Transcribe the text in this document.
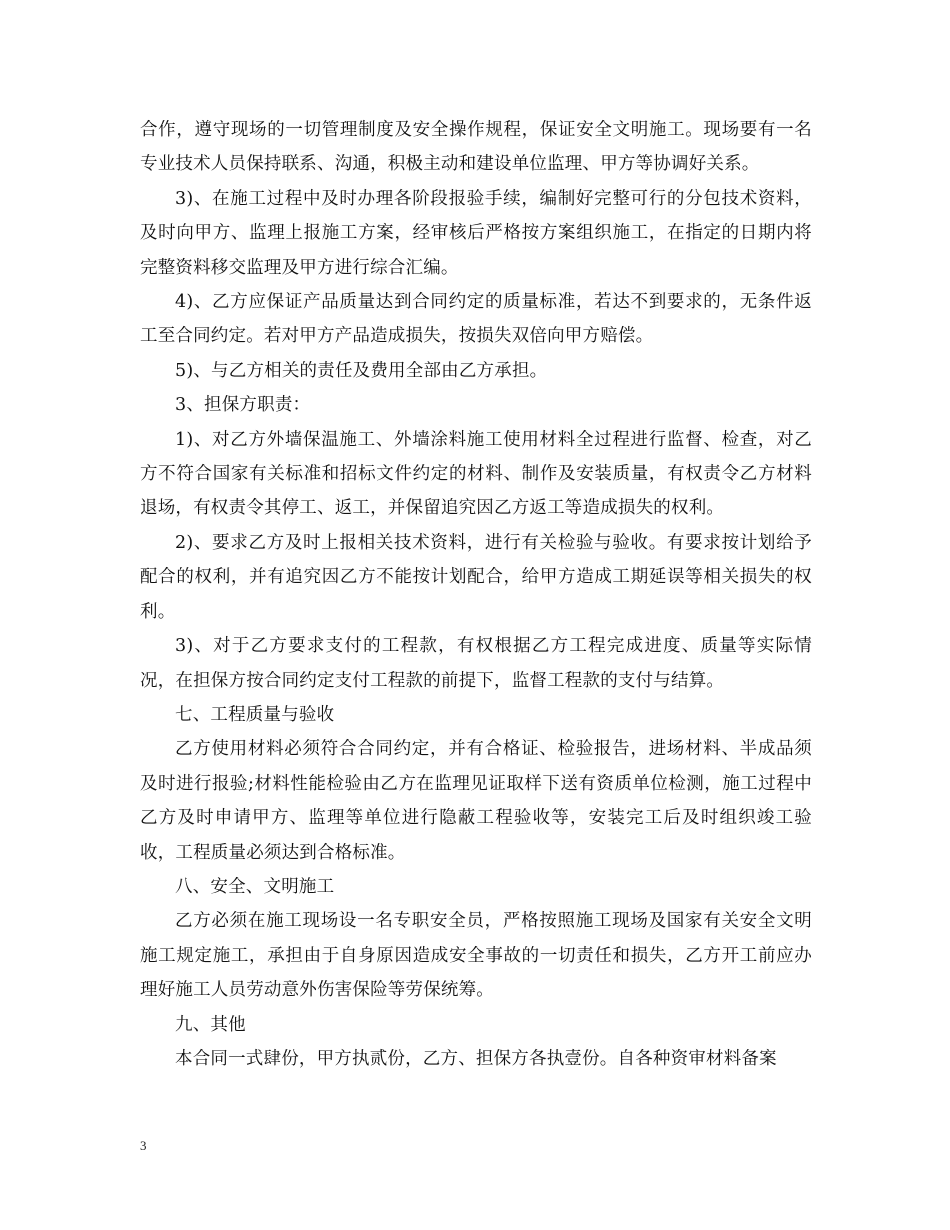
合作，遵守现场的一切管理制度及安全操作规程，保证安全文明施工。现场要有一名专业技术人员保持联系、沟通，积极主动和建设单位监理、甲方等协调好关系。

3)、在施工过程中及时办理各阶段报验手续，编制好完整可行的分包技术资料，及时向甲方、监理上报施工方案，经审核后严格按方案组织施工，在指定的日期内将完整资料移交监理及甲方进行综合汇编。

4)、乙方应保证产品质量达到合同约定的质量标准，若达不到要求的，无条件返工至合同约定。若对甲方产品造成损失，按损失双倍向甲方赔偿。

5)、与乙方相关的责任及费用全部由乙方承担。

3、担保方职责：

1)、对乙方外墙保温施工、外墙涂料施工使用材料全过程进行监督、检查，对乙方不符合国家有关标准和招标文件约定的材料、制作及安装质量，有权责令乙方材料退场，有权责令其停工、返工，并保留追究因乙方返工等造成损失的权利。

2)、要求乙方及时上报相关技术资料，进行有关检验与验收。有要求按计划给予配合的权利，并有追究因乙方不能按计划配合，给甲方造成工期延误等相关损失的权利。

3)、对于乙方要求支付的工程款，有权根据乙方工程完成进度、质量等实际情况，在担保方按合同约定支付工程款的前提下，监督工程款的支付与结算。

七、工程质量与验收

乙方使用材料必须符合合同约定，并有合格证、检验报告，进场材料、半成品须及时进行报验;材料性能检验由乙方在监理见证取样下送有资质单位检测，施工过程中乙方及时申请甲方、监理等单位进行隐蔽工程验收等，安装完工后及时组织竣工验收，工程质量必须达到合格标准。

八、安全、文明施工

乙方必须在施工现场设一名专职安全员，严格按照施工现场及国家有关安全文明施工规定施工，承担由于自身原因造成安全事故的一切责任和损失，乙方开工前应办理好施工人员劳动意外伤害保险等劳保统筹。

九、其他

本合同一式肆份，甲方执贰份，乙方、担保方各执壹份。自各种资审材料备案

3
